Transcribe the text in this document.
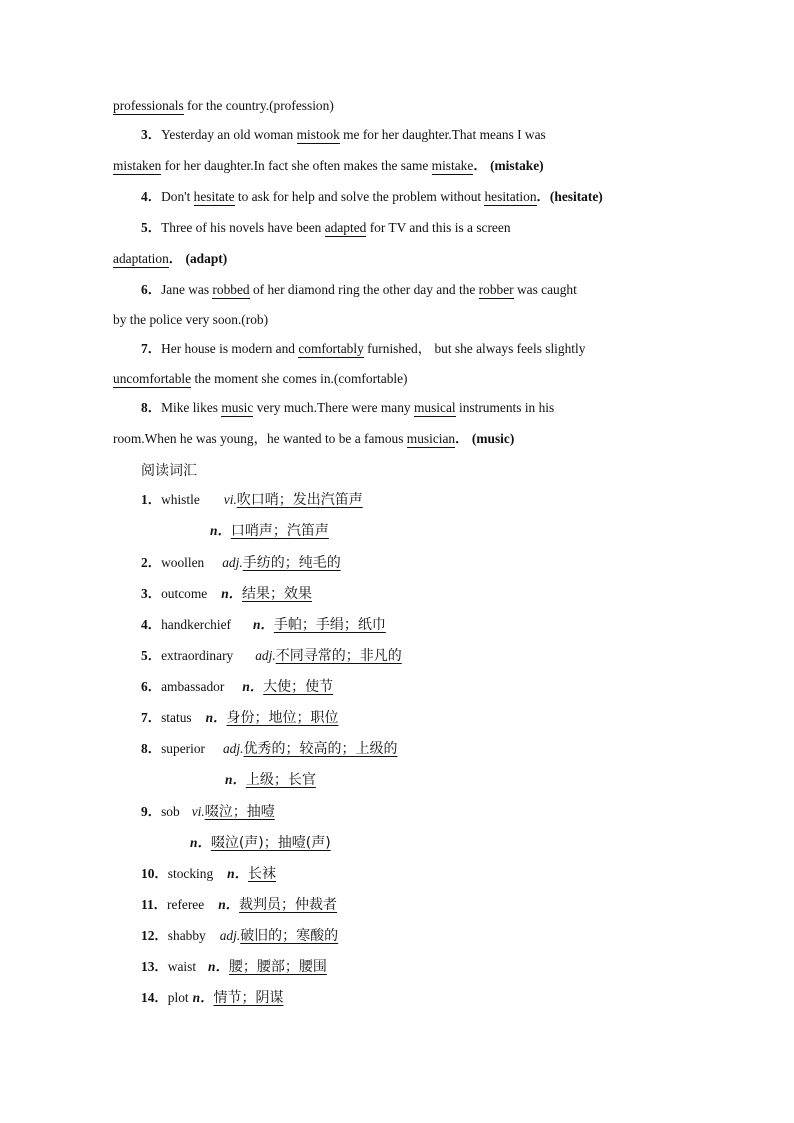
professionals for the country.(profession)
3．Yesterday an old woman mistook me for her daughter.That means I was
mistaken for her daughter.In fact she often makes the same mistake． (mistake)
4．Don't hesitate to ask for help and solve the problem without hesitation．(hesitate)
5．Three of his novels have been adapted for TV and this is a screen
adaptation． (adapt)
6．Jane was robbed of her diamond ring the other day and the robber was caught
by the police very soon.(rob)
7．Her house is modern and comfortably furnished， but she always feels slightly
uncomfortable the moment she comes in.(comfortable)
8．Mike likes music very much.There were many musical instruments in his
room.When he was young，he wanted to be a famous musician． (music)
阅读词汇
1．whistle vi.吹口哨；发出汽笛声
n．口哨声；汽笛声
2．woollen adj.手纺的；纯毛的
3．outcome n．结果；效果
4．handkerchief n．手帕；手绢；纸巾
5．extraordinary adj.不同寻常的；非凡的
6．ambassador n．大使；使节
7．status n．身份；地位；职位
8．superior adj.优秀的；较高的；上级的
n．上级；长官
9．sob vi.啜泣；抽噎
n．啜泣(声)；抽噎(声)
10．stocking n．长袜
11．referee n．裁判员；仲裁者
12．shabby adj.破旧的；寒酸的
13．waist n．腰；腰部；腰围
14．plot n．情节；阴谋
